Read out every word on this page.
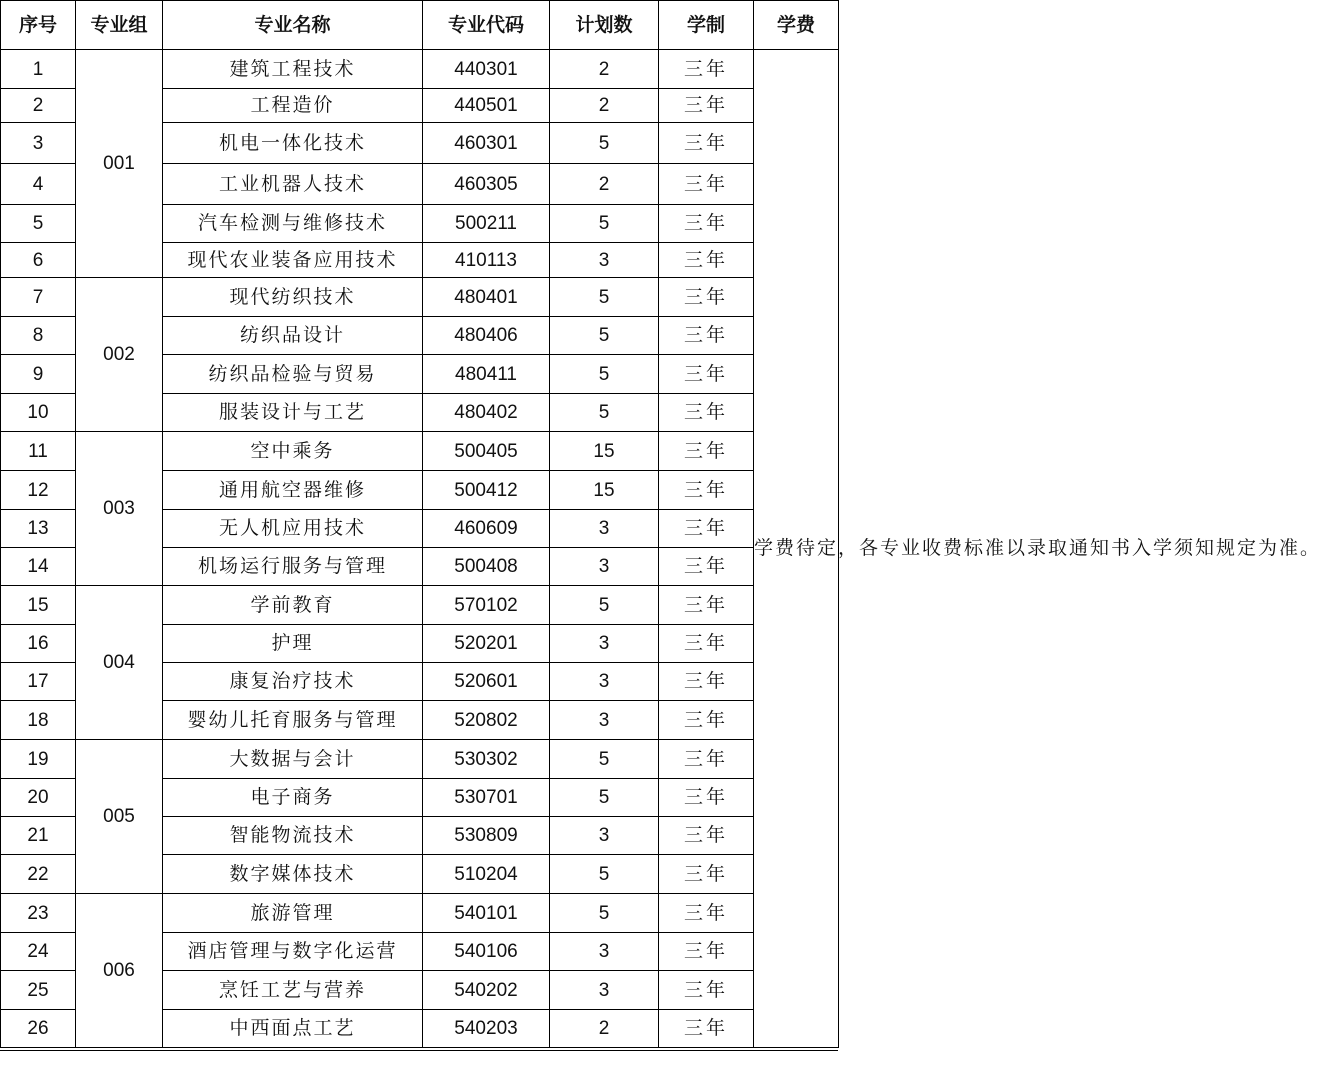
序号	专业组	专业名称	专业代码	计划数	学制	学费
1	001	建筑工程技术	440301	2	三年	学费待定，各专业收费标准以录取通知书入学须知规定为准。
2		工程造价	440501	2	三年	
3		机电一体化技术	460301	5	三年	
4		工业机器人技术	460305	2	三年	
5		汽车检测与维修技术	500211	5	三年	
6		现代农业装备应用技术	410113	3	三年	
7	002	现代纺织技术	480401	5	三年	
8		纺织品设计	480406	5	三年	
9		纺织品检验与贸易	480411	5	三年	
10		服装设计与工艺	480402	5	三年	
11	003	空中乘务	500405	15	三年	
12		通用航空器维修	500412	15	三年	
13		无人机应用技术	460609	3	三年	
14		机场运行服务与管理	500408	3	三年	
15	004	学前教育	570102	5	三年	
16		护理	520201	3	三年	
17		康复治疗技术	520601	3	三年	
18		婴幼儿托育服务与管理	520802	3	三年	
19	005	大数据与会计	530302	5	三年	
20		电子商务	530701	5	三年	
21		智能物流技术	530809	3	三年	
22		数字媒体技术	510204	5	三年	
23	006	旅游管理	540101	5	三年	
24		酒店管理与数字化运营	540106	3	三年	
25		烹饪工艺与营养	540202	3	三年	
26		中西面点工艺	540203	2	三年	
